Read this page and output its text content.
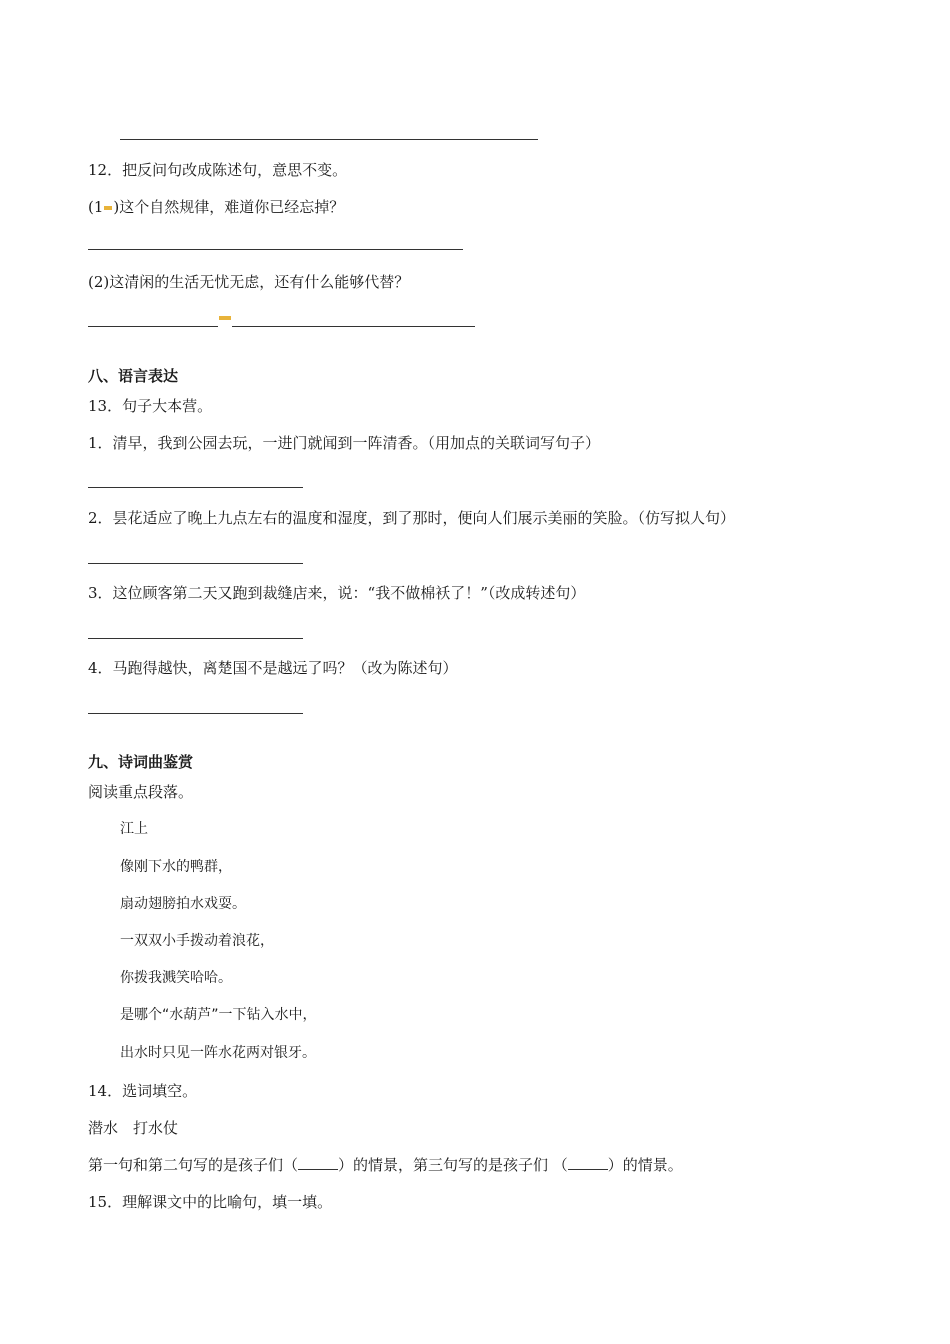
12．把反问句改成陈述句，意思不变。
(1 )这个自然规律，难道你已经忘掉？
(2)这清闲的生活无忧无虑，还有什么能够代替？
八、语言表达
13．句子大本营。
1．清早，我到公园去玩，一进门就闻到一阵清香。（用加点的关联词写句子）
2．昙花适应了晚上九点左右的温度和湿度，到了那时，便向人们展示美丽的笑脸。（仿写拟人句）
3．这位顾客第二天又跑到裁缝店来，说：“我不做棉袄了！”（改成转述句）
4．马跑得越快，离楚国不是越远了吗？（改为陈述句）
九、诗词曲鉴赏
阅读重点段落。
江上
像刚下水的鸭群，
扇动翅膀拍水戏耍。
一双双小手拨动着浪花，
你拨我溅笑哈哈。
是哪个“水葫芦”一下钻入水中，
出水时只见一阵水花两对银牙。
14．选词填空。
潜水　打水仗
第一句和第二句写的是孩子们（	）的情景，第三句写的是孩子们 （	）的情景。
15．理解课文中的比喻句，填一填。
